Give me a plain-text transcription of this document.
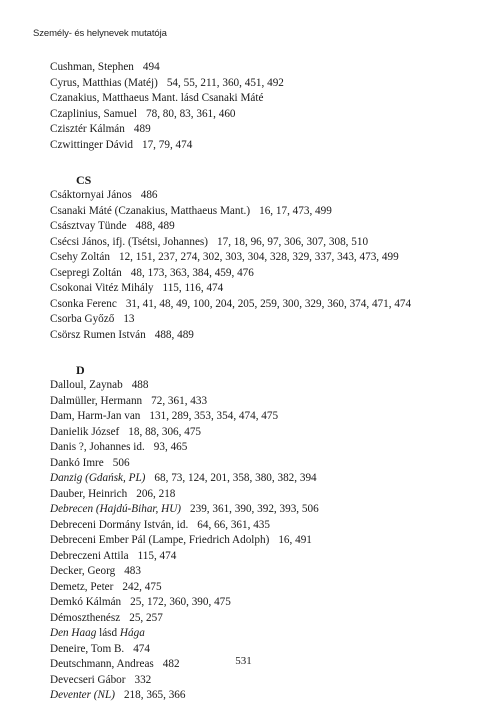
Személy- és helynevek mutatója
Cushman, Stephen 494
Cyrus, Matthias (Matéj) 54, 55, 211, 360, 451, 492
Czanakius, Matthaeus Mant. lásd Csanaki Máté
Czaplinius, Samuel 78, 80, 83, 361, 460
Czisztér Kálmán 489
Czwittinger Dávid 17, 79, 474
CS
Csáktornyai János 486
Csanaki Máté (Czanakius, Matthaeus Mant.) 16, 17, 473, 499
Császtvay Tünde 488, 489
Csécsi János, ifj. (Tsétsi, Johannes) 17, 18, 96, 97, 306, 307, 308, 510
Csehy Zoltán 12, 151, 237, 274, 302, 303, 304, 328, 329, 337, 343, 473, 499
Csepregi Zoltán 48, 173, 363, 384, 459, 476
Csokonai Vitéz Mihály 115, 116, 474
Csonka Ferenc 31, 41, 48, 49, 100, 204, 205, 259, 300, 329, 360, 374, 471, 474
Csorba Győző 13
Csörsz Rumen István 488, 489
D
Dalloul, Zaynab 488
Dalmüller, Hermann 72, 361, 433
Dam, Harm-Jan van 131, 289, 353, 354, 474, 475
Danielik József 18, 88, 306, 475
Danis ?, Johannes id. 93, 465
Dankó Imre 506
Danzig (Gdańsk, PL) 68, 73, 124, 201, 358, 380, 382, 394
Dauber, Heinrich 206, 218
Debrecen (Hajdú-Bihar, HU) 239, 361, 390, 392, 393, 506
Debreceni Dormány István, id. 64, 66, 361, 435
Debreceni Ember Pál (Lampe, Friedrich Adolph) 16, 491
Debreczeni Attila 115, 474
Decker, Georg 483
Demetz, Peter 242, 475
Demkó Kálmán 25, 172, 360, 390, 475
Démoszthenész 25, 257
Den Haag lásd Hága
Deneire, Tom B. 474
Deutschmann, Andreas 482
Devecseri Gábor 332
Deventer (NL) 218, 365, 366
531
